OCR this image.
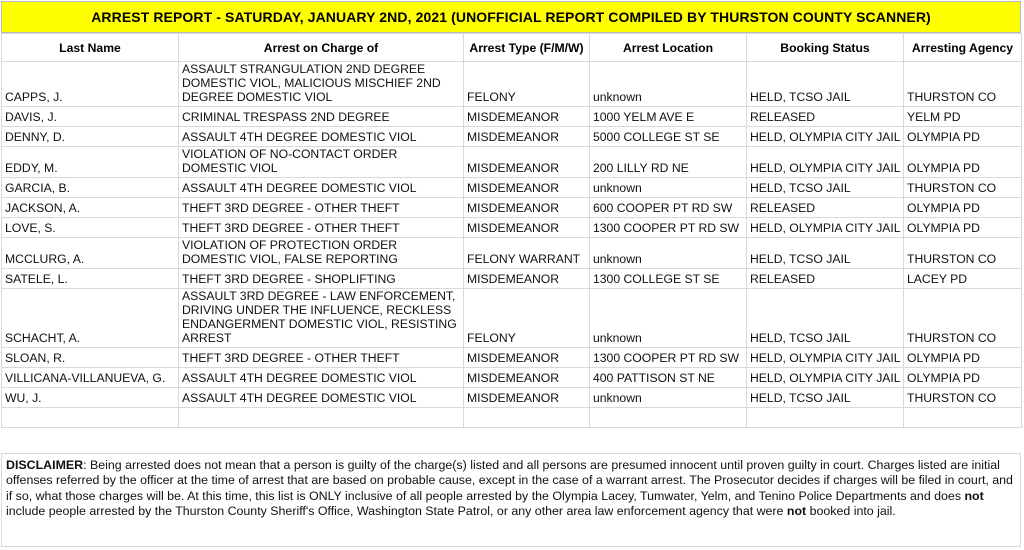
ARREST REPORT - SATURDAY, JANUARY 2ND, 2021 (UNOFFICIAL REPORT COMPILED BY THURSTON COUNTY SCANNER)
Last Name	Arrest on Charge of	Arrest Type (F/M/W)	Arrest Location	Booking Status	Arresting Agency
CAPPS, J.	ASSAULT STRANGULATION 2ND DEGREE DOMESTIC VIOL, MALICIOUS MISCHIEF 2ND DEGREE DOMESTIC VIOL	FELONY	unknown	HELD, TCSO JAIL	THURSTON CO
DAVIS, J.	CRIMINAL TRESPASS 2ND DEGREE	MISDEMEANOR	1000 YELM AVE E	RELEASED	YELM PD
DENNY, D.	ASSAULT 4TH DEGREE DOMESTIC VIOL	MISDEMEANOR	5000 COLLEGE ST SE	HELD, OLYMPIA CITY JAIL	OLYMPIA PD
EDDY, M.	VIOLATION OF NO-CONTACT ORDER DOMESTIC VIOL	MISDEMEANOR	200 LILLY RD NE	HELD, OLYMPIA CITY JAIL	OLYMPIA PD
GARCIA, B.	ASSAULT 4TH DEGREE DOMESTIC VIOL	MISDEMEANOR	unknown	HELD, TCSO JAIL	THURSTON CO
JACKSON, A.	THEFT 3RD DEGREE - OTHER THEFT	MISDEMEANOR	600 COOPER PT RD SW	RELEASED	OLYMPIA PD
LOVE, S.	THEFT 3RD DEGREE - OTHER THEFT	MISDEMEANOR	1300 COOPER PT RD SW	HELD, OLYMPIA CITY JAIL	OLYMPIA PD
MCCLURG, A.	VIOLATION OF PROTECTION ORDER DOMESTIC VIOL, FALSE REPORTING	FELONY WARRANT	unknown	HELD, TCSO JAIL	THURSTON CO
SATELE, L.	THEFT 3RD DEGREE - SHOPLIFTING	MISDEMEANOR	1300 COLLEGE ST SE	RELEASED	LACEY PD
SCHACHT, A.	ASSAULT 3RD DEGREE - LAW ENFORCEMENT, DRIVING UNDER THE INFLUENCE, RECKLESS ENDANGERMENT DOMESTIC VIOL, RESISTING ARREST	FELONY	unknown	HELD, TCSO JAIL	THURSTON CO
SLOAN, R.	THEFT 3RD DEGREE - OTHER THEFT	MISDEMEANOR	1300 COOPER PT RD SW	HELD, OLYMPIA CITY JAIL	OLYMPIA PD
VILLICANA-VILLANUEVA, G.	ASSAULT 4TH DEGREE DOMESTIC VIOL	MISDEMEANOR	400 PATTISON ST NE	HELD, OLYMPIA CITY JAIL	OLYMPIA PD
WU, J.	ASSAULT 4TH DEGREE DOMESTIC VIOL	MISDEMEANOR	unknown	HELD, TCSO JAIL	THURSTON CO

DISCLAIMER: Being arrested does not mean that a person is guilty of the charge(s) listed and all persons are presumed innocent until proven guilty in court. Charges listed are initial offenses referred by the officer at the time of arrest that are based on probable cause, except in the case of a warrant arrest. The Prosecutor decides if charges will be filed in court, and if so, what those charges will be. At this time, this list is ONLY inclusive of all people arrested by the Olympia Lacey, Tumwater, Yelm, and Tenino Police Departments and does not include people arrested by the Thurston County Sheriff's Office, Washington State Patrol, or any other area law enforcement agency that were not booked into jail.
